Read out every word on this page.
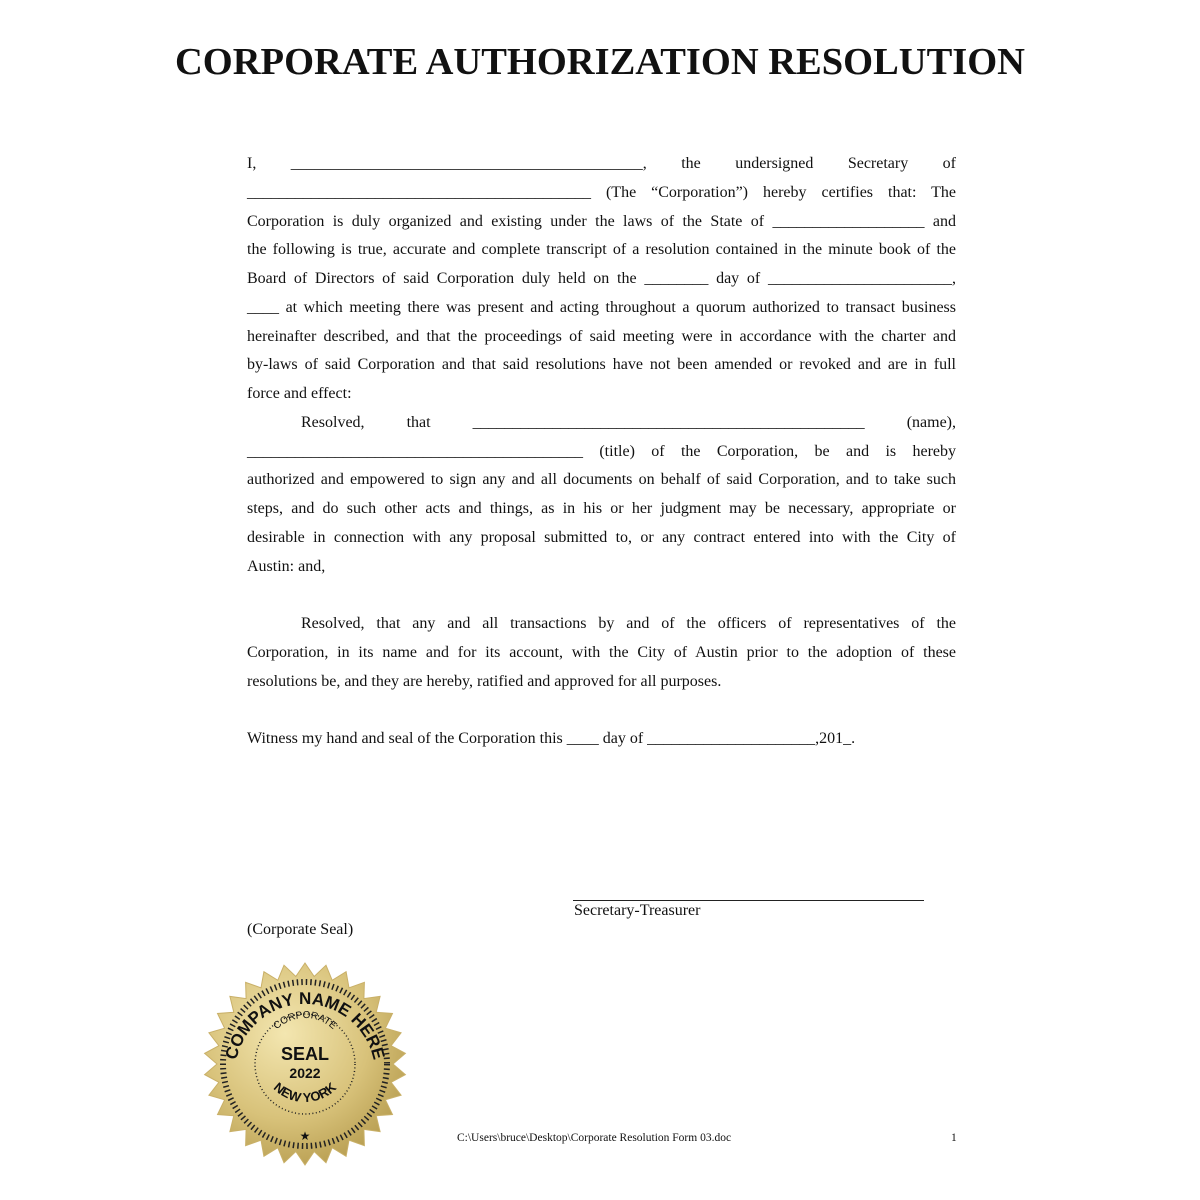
CORPORATE AUTHORIZATION RESOLUTION
I, ____________________________________________, the undersigned Secretary of
___________________________________________ (The “Corporation”) hereby certifies that: The
Corporation is duly organized and existing under the laws of the State of ___________________ and
the following is true, accurate and complete transcript of a resolution contained in the minute book of the
Board of Directors of said Corporation duly held on the ________ day of _______________________,
____ at which meeting there was present and acting throughout a quorum authorized to transact business
hereinafter described, and that the proceedings of said meeting were in accordance with the charter and
by-laws of said Corporation and that said resolutions have not been amended or revoked and are in full
force and effect:
Resolved, that _________________________________________________ (name),
__________________________________________ (title) of the Corporation, be and is hereby
authorized and empowered to sign any and all documents on behalf of said Corporation, and to take such
steps, and do such other acts and things, as in his or her judgment may be necessary, appropriate or
desirable in connection with any proposal submitted to, or any contract entered into with the City of
Austin: and,
Resolved, that any and all transactions by and of the officers of representatives of the
Corporation, in its name and for its account, with the City of Austin prior to the adoption of these
resolutions be, and they are hereby, ratified and approved for all purposes.
Witness my hand and seal of the Corporation this ____ day of _____________________,201_.
Secretary-Treasurer
(Corporate Seal)
COMPANY NAME HERE
CORPORATE
SEAL
2022
NEW YORK
★	C:\Users\bruce\Desktop\Corporate Resolution Form 03.doc	1
